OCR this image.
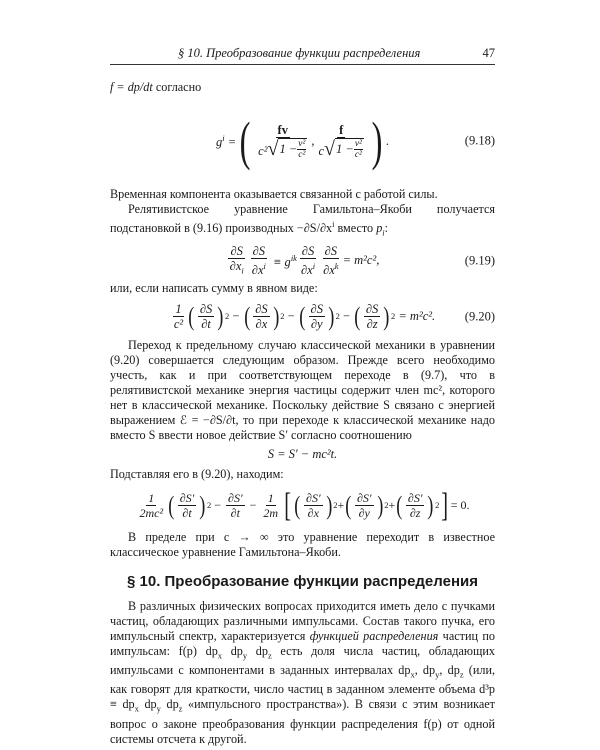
§ 10. Преобразование функции распределения	47

f = dp/dt согласно

$g^i$ = ( $\frac{fv}{c^2 √ 1 - \frac{\text{v²}}{\text{c²}}}$ , $\frac{f}{c √ 1 - \frac{\text{v²}}{\text{c²}}}$ ) .	(9.18)

Временная компонента оказывается связанной с работой силы.

Релятивистское уравнение Гамильтона–Якоби получается подстановкой в (9.16) производных $-\partial S/\partial x^i$ вместо $p_i$:

$\frac{\partial S}{\partial x_i} \frac{\partial S}{\partial x^i} \equiv g^{ik} \frac{\partial S}{\partial x^i} \frac{\partial S}{\partial x^k} = m^2c^2$,	(9.19)

или, если написать сумму в явном виде:

$\frac{1}{\text{c²}}$ ( $\frac{\partial S}{\partial t}$ ) 2 − ( $\frac{\partial S}{\partial x}$ ) 2 − ( $\frac{\partial S}{\partial y}$ ) 2 − ( $\frac{\partial S}{\partial z}$ ) 2
= m²c². (9.20)

Переход к предельному случаю классической механики в уравнении (9.20) совершается следующим образом. Прежде всего необходимо учесть, как и при соответствующем переходе в (9.7), что в релятивистской механике энергия частицы содержит член mc², которого нет в классической механике. Поскольку действие S связано с энергией выражением ℰ = −∂S/∂t, то при переходе к классической механике надо вместо S ввести новое действие S′ согласно соотношению

S = S′ − mc²t.

Подставляя его в (9.20), находим:

$\frac{1}{\text{2mc²}}$ ( $\frac{\partial S'}{\partial t}$ ) $2 - \frac{\partial S'}{\partial t} - \frac{1}{2m}$ [ ( $\frac{\partial S'}{\partial x}$ ) 2 + ( $\frac{\partial S'}{\partial y}$ ) 2 + ( $\frac{\partial S'}{\partial z}$ ) 2 ] = 0.

В пределе при c → ∞ это уравнение переходит в известное классическое уравнение Гамильтона–Якоби.

§ 10. Преобразование функции распределения

В различных физических вопросах приходится иметь дело с пучками частиц, обладающих различными импульсами. Состав такого пучка, его импульсный спектр, характеризуется функцией распределения частиц по импульсам: f(p) $dp_x$ $dp_y$ $dp_z$ есть доля числа частиц, обладающих импульсами с компонентами в заданных интервалах $dp_x$, $dp_y$, $dp_z$ (или, как говорят для краткости, число частиц в заданном элементе объема $d^3p \equiv dp_x$ $dp_y$ $dp_z$ «импульсного пространства»). В связи с этим возникает вопрос о законе преобразования функции распределения f(p) от одной системы отсчета к другой.
